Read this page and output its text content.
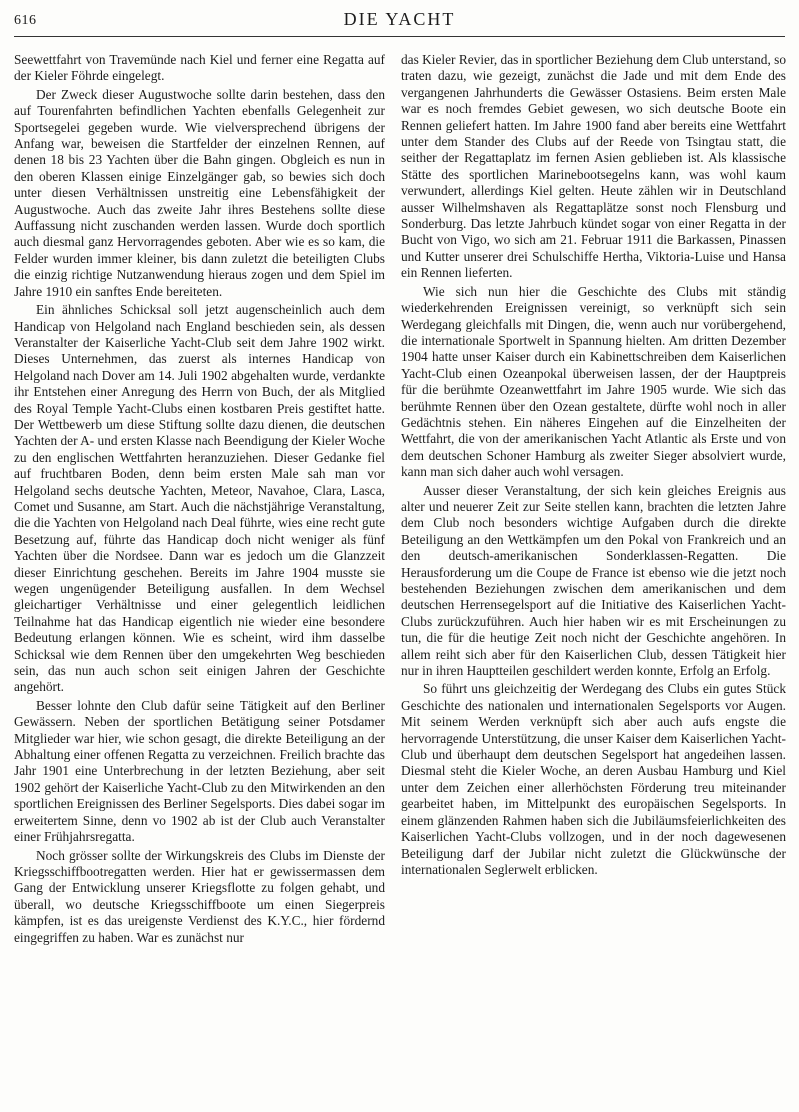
616	DIE YACHT

Seewettfahrt von Travemünde nach Kiel und ferner eine Regatta auf der Kieler Föhrde eingelegt.

Der Zweck dieser Augustwoche sollte darin bestehen, dass den auf Tourenfahrten befindlichen Yachten ebenfalls Gelegenheit zur Sportsegelei gegeben wurde. Wie vielversprechend übrigens der Anfang war, beweisen die Startfelder der einzelnen Rennen, auf denen 18 bis 23 Yachten über die Bahn gingen. Obgleich es nun in den oberen Klassen einige Einzelgänger gab, so bewies sich doch unter diesen Verhältnissen unstreitig eine Lebensfähigkeit der Augustwoche. Auch das zweite Jahr ihres Bestehens sollte diese Auffassung nicht zuschanden werden lassen. Wurde doch sportlich auch diesmal ganz Hervorragendes geboten. Aber wie es so kam, die Felder wurden immer kleiner, bis dann zuletzt die beteiligten Clubs die einzig richtige Nutzanwendung hieraus zogen und dem Spiel im Jahre 1910 ein sanftes Ende bereiteten.

Ein ähnliches Schicksal soll jetzt augenscheinlich auch dem Handicap von Helgoland nach England beschieden sein, als dessen Veranstalter der Kaiserliche Yacht-Club seit dem Jahre 1902 wirkt. Dieses Unternehmen, das zuerst als internes Handicap von Helgoland nach Dover am 14. Juli 1902 abgehalten wurde, verdankte ihr Entstehen einer Anregung des Herrn von Buch, der als Mitglied des Royal Temple Yacht-Clubs einen kostbaren Preis gestiftet hatte. Der Wettbewerb um diese Stiftung sollte dazu dienen, die deutschen Yachten der A- und ersten Klasse nach Beendigung der Kieler Woche zu den englischen Wettfahrten heranzuziehen. Dieser Gedanke fiel auf fruchtbaren Boden, denn beim ersten Male sah man vor Helgoland sechs deutsche Yachten, Meteor, Navahoe, Clara, Lasca, Comet und Susanne, am Start. Auch die nächstjährige Veranstaltung, die die Yachten von Helgoland nach Deal führte, wies eine recht gute Besetzung auf, führte das Handicap doch nicht weniger als fünf Yachten über die Nordsee. Dann war es jedoch um die Glanzzeit dieser Einrichtung geschehen. Bereits im Jahre 1904 musste sie wegen ungenügender Beteiligung ausfallen. In dem Wechsel gleichartiger Verhältnisse und einer gelegentlich leidlichen Teilnahme hat das Handicap eigentlich nie wieder eine besondere Bedeutung erlangen können. Wie es scheint, wird ihm dasselbe Schicksal wie dem Rennen über den umgekehrten Weg beschieden sein, das nun auch schon seit einigen Jahren der Geschichte angehört.

Besser lohnte den Club dafür seine Tätigkeit auf den Berliner Gewässern. Neben der sportlichen Betätigung seiner Potsdamer Mitglieder war hier, wie schon gesagt, die direkte Beteiligung an der Abhaltung einer offenen Regatta zu verzeichnen. Freilich brachte das Jahr 1901 eine Unterbrechung in der letzten Beziehung, aber seit 1902 gehört der Kaiserliche Yacht-Club zu den Mitwirkenden an den sportlichen Ereignissen des Berliner Segelsports. Dies dabei sogar im erweitertem Sinne, denn vo 1902 ab ist der Club auch Veranstalter einer Frühjahrsregatta.

Noch grösser sollte der Wirkungskreis des Clubs im Dienste der Kriegsschiffbootregatten werden. Hier hat er gewissermassen dem Gang der Entwicklung unserer Kriegsflotte zu folgen gehabt, und überall, wo deutsche Kriegsschiffboote um einen Siegerpreis kämpfen, ist es das ureigenste Verdienst des K.Y.C., hier fördernd eingegriffen zu haben. War es zunächst nur

das Kieler Revier, das in sportlicher Beziehung dem Club unterstand, so traten dazu, wie gezeigt, zunächst die Jade und mit dem Ende des vergangenen Jahrhunderts die Gewässer Ostasiens. Beim ersten Male war es noch fremdes Gebiet gewesen, wo sich deutsche Boote ein Rennen geliefert hatten. Im Jahre 1900 fand aber bereits eine Wettfahrt unter dem Stander des Clubs auf der Reede von Tsingtau statt, die seither der Regattaplatz im fernen Asien geblieben ist. Als klassische Stätte des sportlichen Marinebootsegelns kann, was wohl kaum verwundert, allerdings Kiel gelten. Heute zählen wir in Deutschland ausser Wilhelmshaven als Regattaplätze sonst noch Flensburg und Sonderburg. Das letzte Jahrbuch kündet sogar von einer Regatta in der Bucht von Vigo, wo sich am 21. Februar 1911 die Barkassen, Pinassen und Kutter unserer drei Schulschiffe Hertha, Viktoria-Luise und Hansa ein Rennen lieferten.

Wie sich nun hier die Geschichte des Clubs mit ständig wiederkehrenden Ereignissen vereinigt, so verknüpft sich sein Werdegang gleichfalls mit Dingen, die, wenn auch nur vorübergehend, die internationale Sportwelt in Spannung hielten. Am dritten Dezember 1904 hatte unser Kaiser durch ein Kabinettschreiben dem Kaiserlichen Yacht-Club einen Ozeanpokal überweisen lassen, der der Hauptpreis für die berühmte Ozeanwettfahrt im Jahre 1905 wurde. Wie sich das berühmte Rennen über den Ozean gestaltete, dürfte wohl noch in aller Gedächtnis stehen. Ein näheres Eingehen auf die Einzelheiten der Wettfahrt, die von der amerikanischen Yacht Atlantic als Erste und von dem deutschen Schoner Hamburg als zweiter Sieger absolviert wurde, kann man sich daher auch wohl versagen.

Ausser dieser Veranstaltung, der sich kein gleiches Ereignis aus alter und neuerer Zeit zur Seite stellen kann, brachten die letzten Jahre dem Club noch besonders wichtige Aufgaben durch die direkte Beteiligung an den Wettkämpfen um den Pokal von Frankreich und an den deutsch-amerikanischen Sonderklassen-Regatten. Die Herausforderung um die Coupe de France ist ebenso wie die jetzt noch bestehenden Beziehungen zwischen dem amerikanischen und dem deutschen Herrensegelsport auf die Initiative des Kaiserlichen Yacht-Clubs zurückzuführen. Auch hier haben wir es mit Erscheinungen zu tun, die für die heutige Zeit noch nicht der Geschichte angehören. In allem reiht sich aber für den Kaiserlichen Club, dessen Tätigkeit hier nur in ihren Hauptteilen geschildert werden konnte, Erfolg an Erfolg.

So führt uns gleichzeitig der Werdegang des Clubs ein gutes Stück Geschichte des nationalen und internationalen Segelsports vor Augen. Mit seinem Werden verknüpft sich aber auch aufs engste die hervorragende Unterstützung, die unser Kaiser dem Kaiserlichen Yacht-Club und überhaupt dem deutschen Segelsport hat angedeihen lassen. Diesmal steht die Kieler Woche, an deren Ausbau Hamburg und Kiel unter dem Zeichen einer allerhöchsten Förderung treu miteinander gearbeitet haben, im Mittelpunkt des europäischen Segelsports. In einem glänzenden Rahmen haben sich die Jubiläumsfeierlichkeiten des Kaiserlichen Yacht-Clubs vollzogen, und in der noch dagewesenen Beteiligung darf der Jubilar nicht zuletzt die Glückwünsche der internationalen Seglerwelt erblicken.
